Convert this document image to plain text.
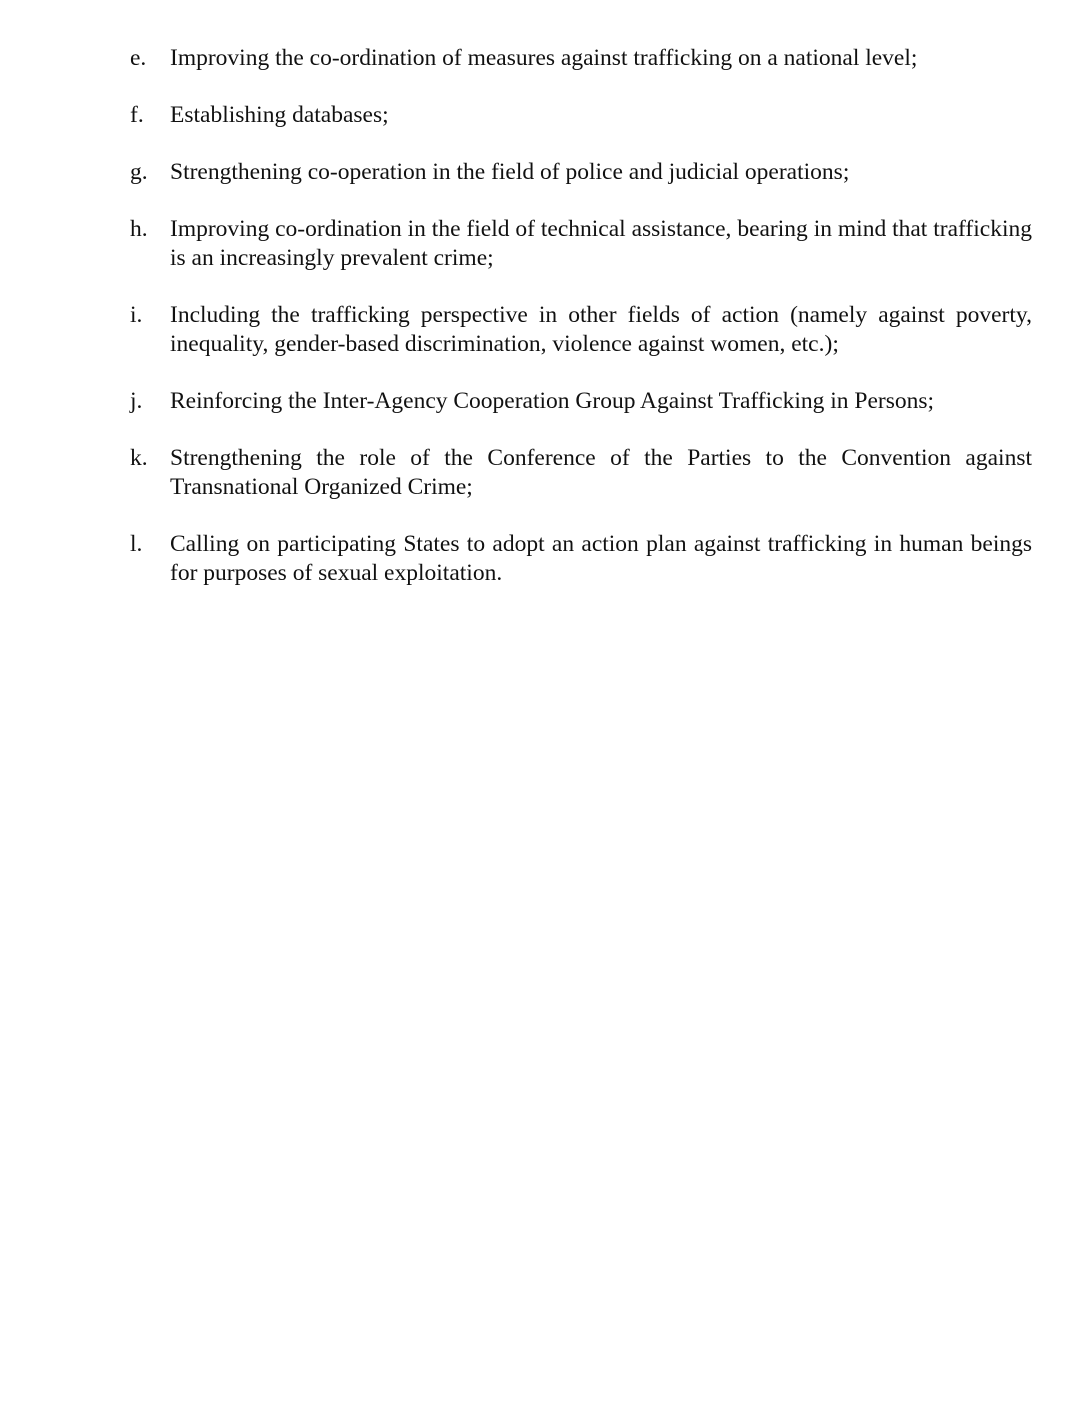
e.	Improving the co-ordination of measures against trafficking on a national level;
f.	Establishing databases;
g. Strengthening co-operation in the field of police and judicial operations;
h. Improving co-ordination in the field of technical assistance, bearing in mind that trafficking is an increasingly prevalent crime;
i.	Including the trafficking perspective in other fields of action (namely against poverty, inequality, gender-based discrimination, violence against women, etc.);
j.	Reinforcing the Inter-Agency Cooperation Group Against Trafficking in Persons;
k. Strengthening the role of the Conference of the Parties to the Convention against Transnational Organized Crime;
l.	Calling on participating States to adopt an action plan against trafficking in human beings for purposes of sexual exploitation.
